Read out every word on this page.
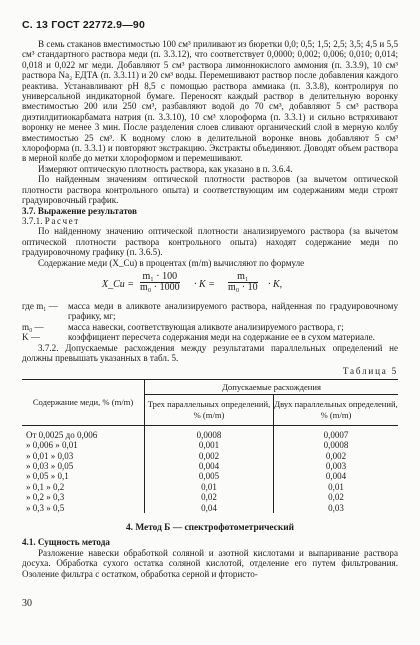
С. 13 ГОСТ 22772.9—90

В семь стаканов вместимостью 100 см³ приливают из бюретки 0,0; 0,5; 1,5; 2,5; 3,5; 4,5 и 5,5 см³ стандартного раствора меди (п. 3.3.12), что соответствует 0,0000; 0,002; 0,006; 0,010; 0,014; 0,018 и 0,022 мг меди. Добавляют 5 см³ раствора лимоннокислого аммония (п. 3.3.9), 10 см³ раствора Na₂ ЕДТА (п. 3.3.11) и 20 см³ воды. Перемешивают раствор после добавления каждого реактива. Устанавливают pH 8,5 с помощью раствора аммиака (п. 3.3.8), контролируя по универсальной индикаторной бумаге. Переносят каждый раствор в делительную воронку вместимостью 200 или 250 см³, разбавляют водой до 70 см³, добавляют 5 см³ раствора диэтилдитиокарбамата натрия (п. 3.3.10), 10 см³ хлороформа (п. 3.3.1) и сильно встряхивают воронку не менее 3 мин. После разделения слоев сливают органический слой в мерную колбу вместимостью 25 см³. К водному слою в делительной воронке вновь добавляют 5 см³ хлороформа (п. 3.3.1) и повторяют экстракцию. Экстракты объединяют. Доводят объем раствора в мерной колбе до метки хлороформом и перемешивают.

Измеряют оптическую плотность раствора, как указано в п. 3.6.4.

По найденным значениям оптической плотности растворов (за вычетом оптической плотности раствора контрольного опыта) и соответствующим им содержаниям меди строят градуировочный график.

3.7. Выражение результатов

3.7.1. Расчет

По найденному значению оптической плотности анализируемого раствора (за вычетом оптической плотности раствора контрольного опыта) находят содержание меди по градуировочному графику (п. 3.6.5).

Содержание меди (X_Cu) в процентах (m/m) вычисляют по формуле

X_Cu = $\frac{\text{m₁ · 100}}{\text{m₀ · 1000}} \cdot K = \frac{\text{m₁}}{\text{m₀ · 10}} \cdot K$,
где m₁ —	масса меди в аликвоте анализируемого раствора, найденная по градуировочному графику, мг;
m₀ —	масса навески, соответствующая аликвоте анализируемого раствора, г;
K —	коэффициент пересчета содержания меди на содержание ее в сухом материале.

3.7.2. Допускаемые расхождения между результатами параллельных определений не должны превышать указанных в табл. 5.

Таблица 5
Содержание меди, % (m/m)	Допускаемые расхождения	
	Трех параллельных определений, % (m/m)	Двух параллельных определений, % (m/m)
От 0,0025 до 0,006	0,0008	0,0007
» 0,006 » 0,01	0,001	0,0008
» 0,01 » 0,03	0,002	0,002
» 0,03 » 0,05	0,004	0,003
» 0,05 » 0,1	0,005	0,004
» 0,1 » 0,2	0,01	0,01
» 0,2 » 0,3	0,02	0,02
» 0,3 » 0,5	0,04	0,03
4. Метод Б — спектрофотометрический

4.1. Сущность метода

Разложение навески обработкой соляной и азотной кислотами и выпаривание раствора досуха. Обработка сухого остатка соляной кислотой, отделение его путем фильтрования. Озоление фильтра с остатком, обработка серной и фтористо-

30
